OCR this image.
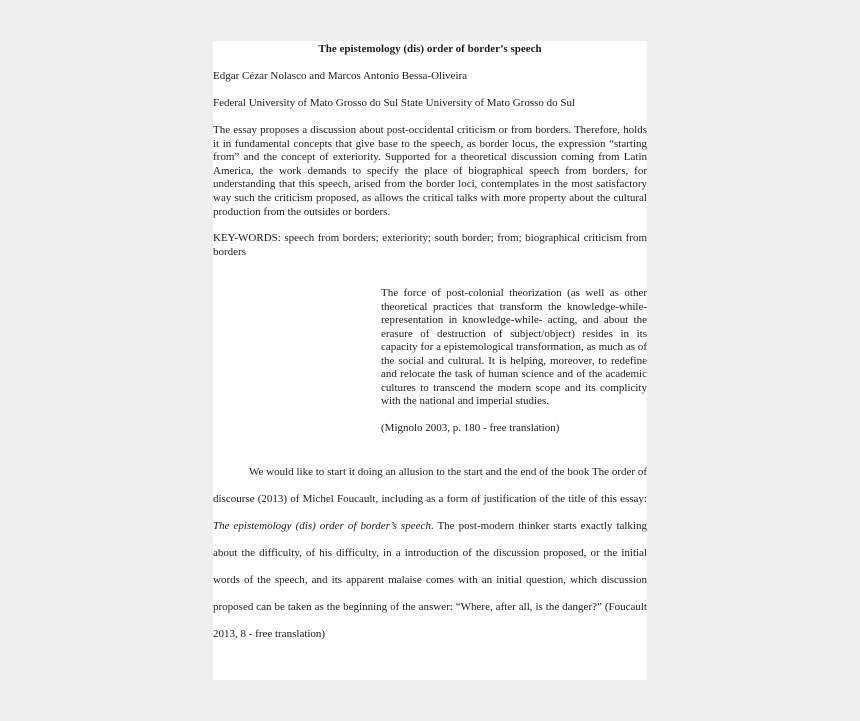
The epistemology (dis) order of border’s speech

Edgar Cézar Nolasco and Marcos Antonio Bessa-Oliveira

Federal University of Mato Grosso do Sul State University of Mato Grosso do Sul

The essay proposes a discussion about post-occidental criticism or from borders. Therefore, holds it in fundamental concepts that give base to the speech, as border locus, the expression “starting from” and the concept of exteriority. Supported for a theoretical discussion coming from Latin America, the work demands to specify the place of biographical speech from borders, for understanding that this speech, arised from the border loci, contemplates in the most satisfactory way such the criticism proposed, as allows the critical talks with more property about the cultural production from the outsides or borders.

KEY-WORDS: speech from borders; exteriority; south border; from; biographical criticism from borders

The force of post-colonial theorization (as well as other theoretical practices that transform the knowledge-while-representation in knowledge-while- acting, and about the erasure of destruction of subject/object) resides in its capacity for a epistemological transformation, as much as of the social and cultural. It is helping, moreover, to redefine and relocate the task of human science and of the academic cultures to transcend the modern scope and its complicity with the national and imperial studies.

(Mignolo 2003, p. 180 - free translation)

We would like to start it doing an allusion to the start and the end of the book The order of discourse (2013) of Michel Foucault, including as a form of justification of the title of this essay: The epistemology (dis) order of border’s speech. The post-modern thinker starts exactly talking about the difficulty, of his difficulty, in a introduction of the discussion proposed, or the initial words of the speech, and its apparent malaise comes with an initial question, which discussion proposed can be taken as the beginning of the answer: “Where, after all, is the danger?” (Foucault 2013, 8 - free translation)
